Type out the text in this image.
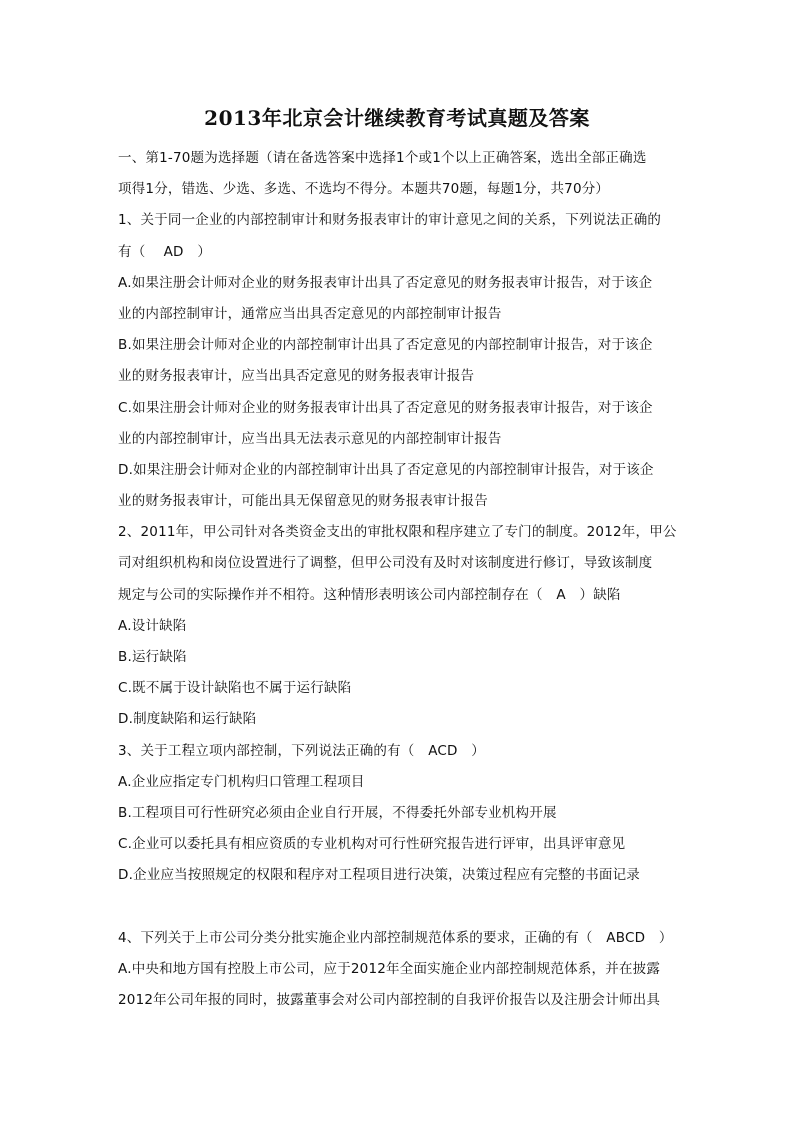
2013年北京会计继续教育考试真题及答案
一、第1-70题为选择题（请在备选答案中选择1个或1个以上正确答案，选出全部正确选
项得1分，错选、少选、多选、不选均不得分。本题共70题，每题1分，共70分）
1、关于同一企业的内部控制审计和财务报表审计的审计意见之间的关系，下列说法正确的
有（　 AD　）
A.如果注册会计师对企业的财务报表审计出具了否定意见的财务报表审计报告，对于该企
业的内部控制审计，通常应当出具否定意见的内部控制审计报告
B.如果注册会计师对企业的内部控制审计出具了否定意见的内部控制审计报告，对于该企
业的财务报表审计，应当出具否定意见的财务报表审计报告
C.如果注册会计师对企业的财务报表审计出具了否定意见的财务报表审计报告，对于该企
业的内部控制审计，应当出具无法表示意见的内部控制审计报告
D.如果注册会计师对企业的内部控制审计出具了否定意见的内部控制审计报告，对于该企
业的财务报表审计，可能出具无保留意见的财务报表审计报告
2、2011年，甲公司针对各类资金支出的审批权限和程序建立了专门的制度。2012年，甲公
司对组织机构和岗位设置进行了调整，但甲公司没有及时对该制度进行修订，导致该制度
规定与公司的实际操作并不相符。这种情形表明该公司内部控制存在（　A　）缺陷
A.设计缺陷
B.运行缺陷
C.既不属于设计缺陷也不属于运行缺陷
D.制度缺陷和运行缺陷
3、关于工程立项内部控制，下列说法正确的有（　ACD　）
A.企业应指定专门机构归口管理工程项目
B.工程项目可行性研究必须由企业自行开展，不得委托外部专业机构开展
C.企业可以委托具有相应资质的专业机构对可行性研究报告进行评审，出具评审意见
D.企业应当按照规定的权限和程序对工程项目进行决策，决策过程应有完整的书面记录
4、下列关于上市公司分类分批实施企业内部控制规范体系的要求，正确的有（　ABCD　）
A.中央和地方国有控股上市公司，应于2012年全面实施企业内部控制规范体系，并在披露
2012年公司年报的同时，披露董事会对公司内部控制的自我评价报告以及注册会计师出具
